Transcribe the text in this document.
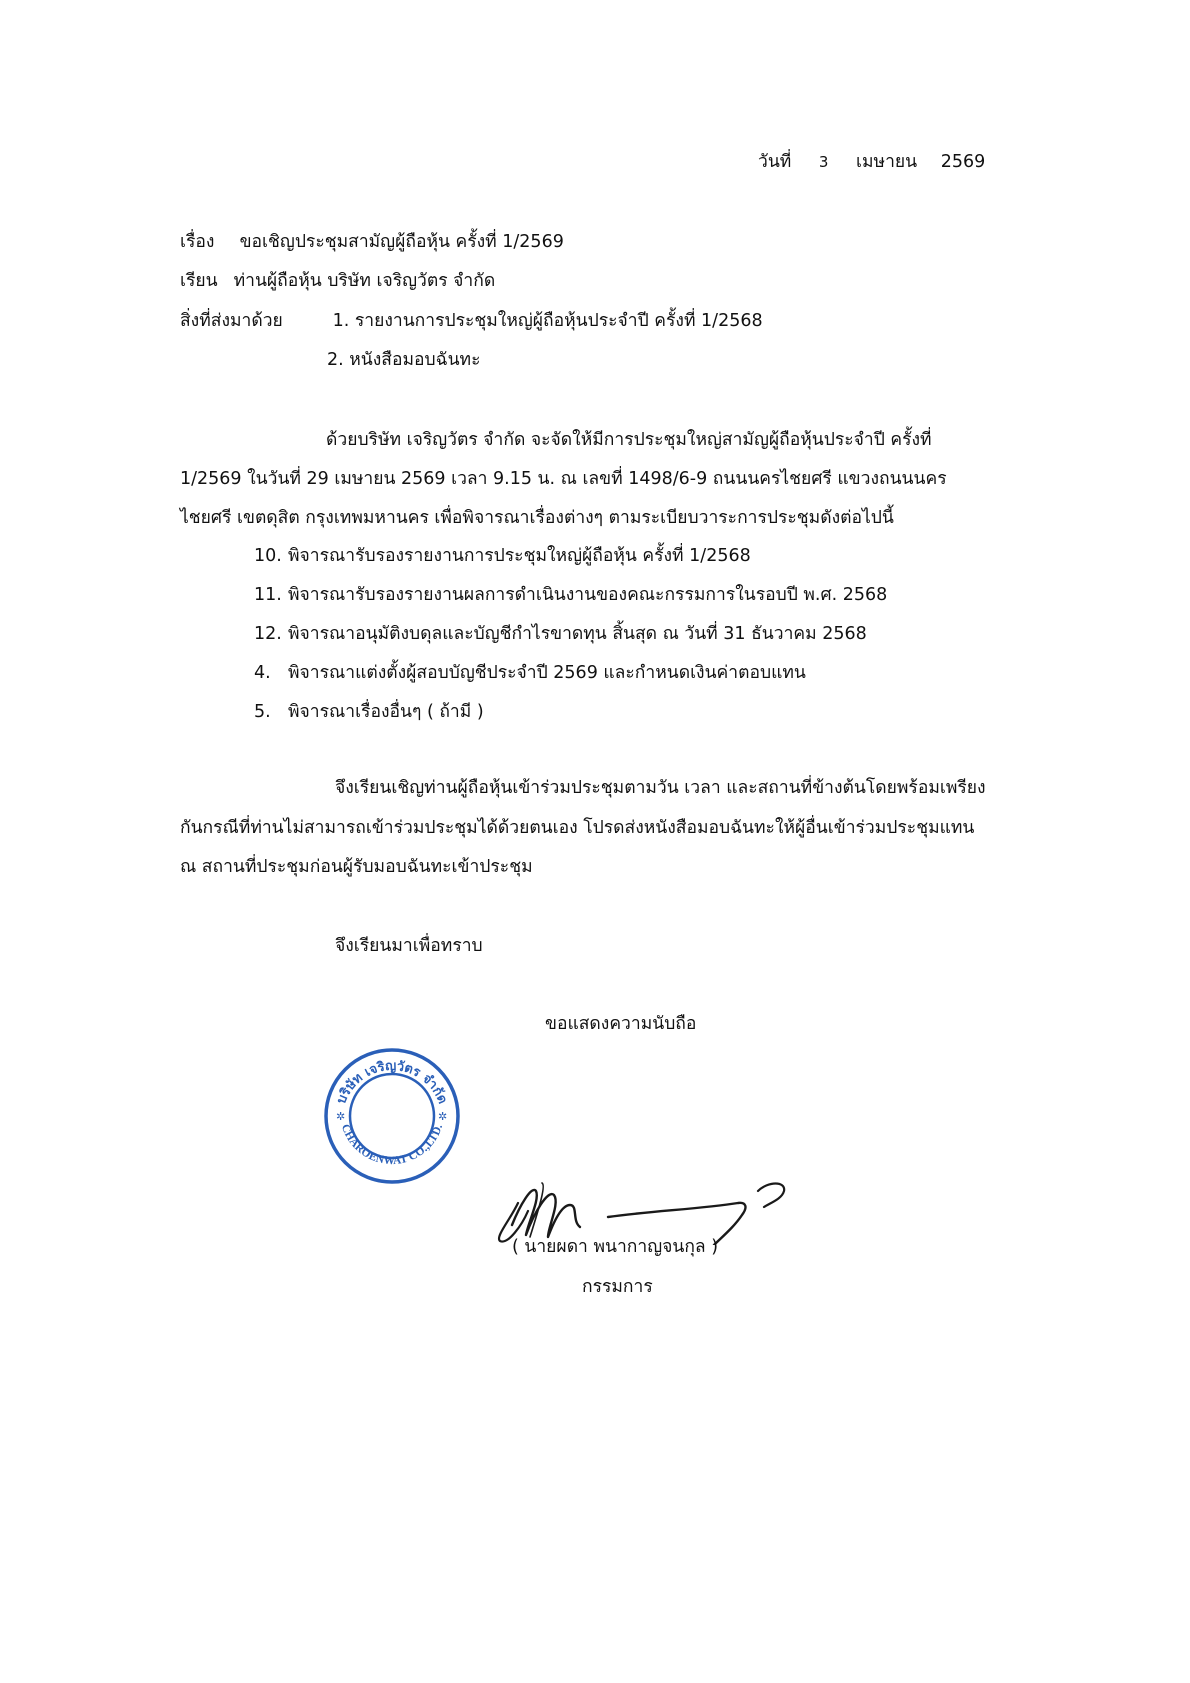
วันที่ 3 เมษายน 2569
เรื่อง ขอเชิญประชุมสามัญผู้ถือหุ้น ครั้งที่ 1/2569
เรียน ท่านผู้ถือหุ้น บริษัท เจริญวัตร จำกัด
สิ่งที่ส่งมาด้วย	1. รายงานการประชุมใหญ่ผู้ถือหุ้นประจำปี ครั้งที่ 1/2568
2. หนังสือมอบฉันทะ
ด้วยบริษัท เจริญวัตร จำกัด จะจัดให้มีการประชุมใหญ่สามัญผู้ถือหุ้นประจำปี ครั้งที่
1/2569 ในวันที่ 29 เมษายน 2569 เวลา 9.15 น. ณ เลขที่ 1498/6-9 ถนนนครไชยศรี แขวงถนนนคร
ไชยศรี เขตดุสิต กรุงเทพมหานคร เพื่อพิจารณาเรื่องต่างๆ ตามระเบียบวาระการประชุมดังต่อไปนี้
10. พิจารณารับรองรายงานการประชุมใหญ่ผู้ถือหุ้น ครั้งที่ 1/2568
11. พิจารณารับรองรายงานผลการดำเนินงานของคณะกรรมการในรอบปี พ.ศ. 2568
12. พิจารณาอนุมัติงบดุลและบัญชีกำไรขาดทุน สิ้นสุด ณ วันที่ 31 ธันวาคม 2568
4. พิจารณาแต่งตั้งผู้สอบบัญชีประจำปี 2569 และกำหนดเงินค่าตอบแทน
5. พิจารณาเรื่องอื่นๆ ( ถ้ามี )
จึงเรียนเชิญท่านผู้ถือหุ้นเข้าร่วมประชุมตามวัน เวลา และสถานที่ข้างต้นโดยพร้อมเพรียง
กันกรณีที่ท่านไม่สามารถเข้าร่วมประชุมได้ด้วยตนเอง โปรดส่งหนังสือมอบฉันทะให้ผู้อื่นเข้าร่วมประชุมแทน
ณ สถานที่ประชุมก่อนผู้รับมอบฉันทะเข้าประชุม
จึงเรียนมาเพื่อทราบ
ขอแสดงความนับถือ
บริษัท เจริญวัตร จำกัด
CHAROENWAT CO.,LTD.
✲	✲
( นายผดา พนากาญจนกุล )
กรรมการ
